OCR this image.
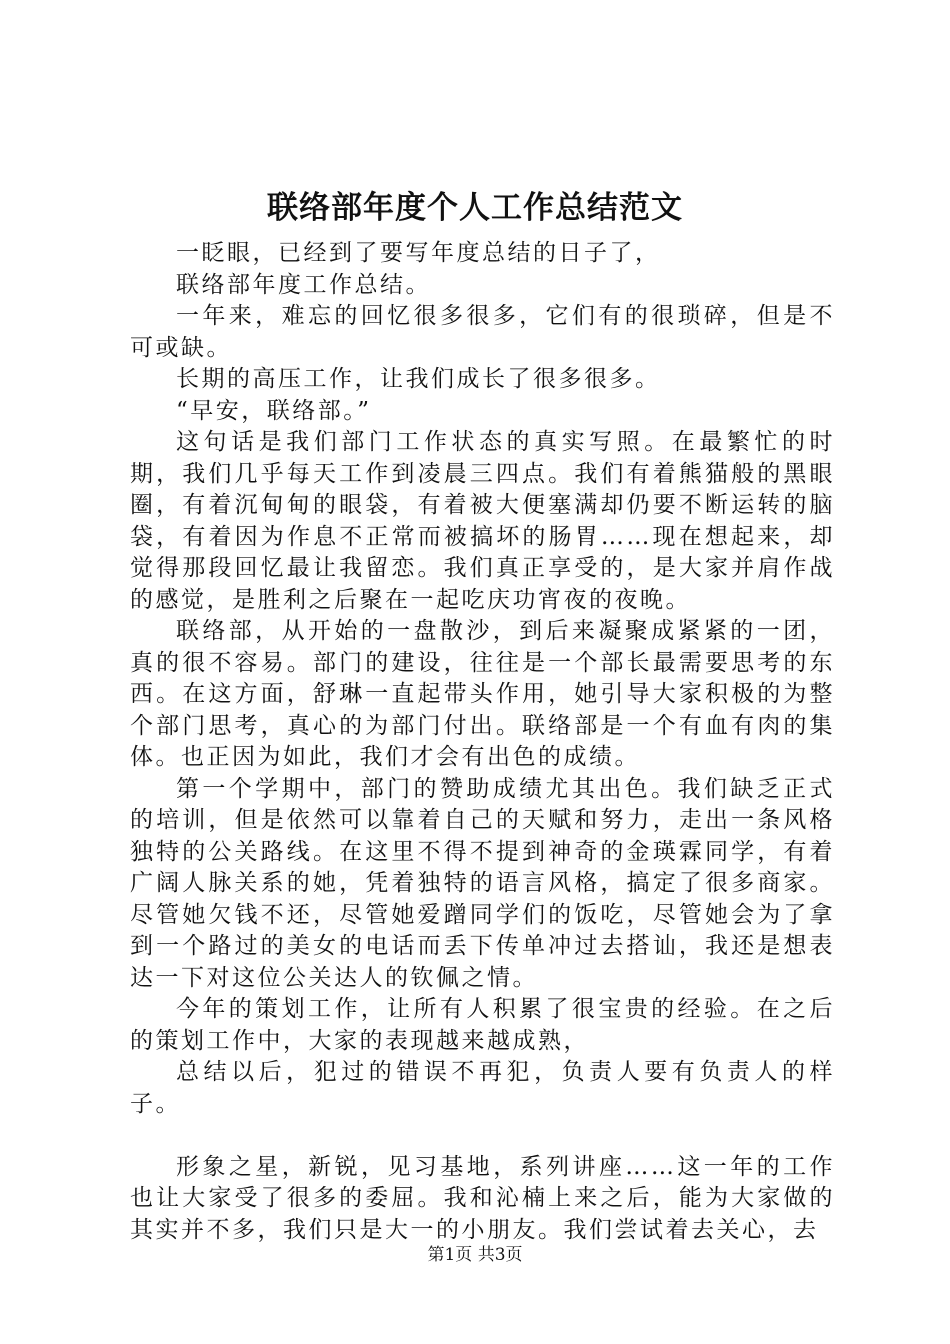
联络部年度个人工作总结范文

一眨眼，已经到了要写年度总结的日子了，

联络部年度工作总结。

一年来，难忘的回忆很多很多，它们有的很琐碎，但是不可或缺。

长期的高压工作，让我们成长了很多很多。

“早安，联络部。”

这句话是我们部门工作状态的真实写照。在最繁忙的时期，我们几乎每天工作到凌晨三四点。我们有着熊猫般的黑眼圈，有着沉甸甸的眼袋，有着被大便塞满却仍要不断运转的脑袋，有着因为作息不正常而被搞坏的肠胃……现在想起来，却觉得那段回忆最让我留恋。我们真正享受的，是大家并肩作战的感觉，是胜利之后聚在一起吃庆功宵夜的夜晚。

联络部，从开始的一盘散沙，到后来凝聚成紧紧的一团，真的很不容易。部门的建设，往往是一个部长最需要思考的东西。在这方面，舒琳一直起带头作用，她引导大家积极的为整个部门思考，真心的为部门付出。联络部是一个有血有肉的集体。也正因为如此，我们才会有出色的成绩。

第一个学期中，部门的赞助成绩尤其出色。我们缺乏正式的培训，但是依然可以靠着自己的天赋和努力，走出一条风格独特的公关路线。在这里不得不提到神奇的金瑛霖同学，有着广阔人脉关系的她，凭着独特的语言风格，搞定了很多商家。尽管她欠钱不还，尽管她爱蹭同学们的饭吃，尽管她会为了拿到一个路过的美女的电话而丢下传单冲过去搭讪，我还是想表达一下对这位公关达人的钦佩之情。

今年的策划工作，让所有人积累了很宝贵的经验。在之后的策划工作中，大家的表现越来越成熟，

总结以后，犯过的错误不再犯，负责人要有负责人的样子。

形象之星，新锐，见习基地，系列讲座……这一年的工作也让大家受了很多的委屈。我和沁楠上来之后，能为大家做的其实并不多，我们只是大一的小朋友。我们尝试着去关心，去

第1页 共3页
